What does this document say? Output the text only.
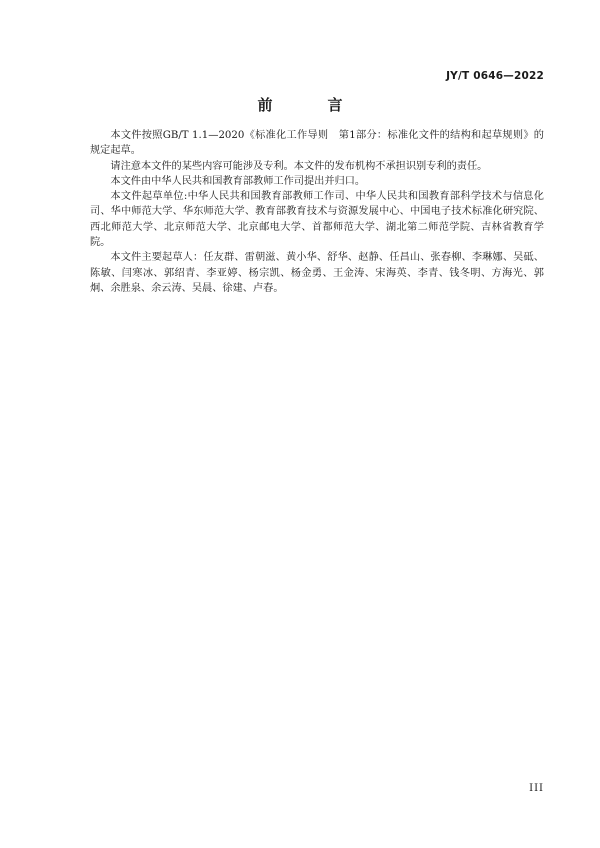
JY/T 0646—2022
前　言

本文件按照GB/T 1.1—2020《标准化工作导则　第1部分：标准化文件的结构和起草规则》的规定起草。

请注意本文件的某些内容可能涉及专利。本文件的发布机构不承担识别专利的责任。

本文件由中华人民共和国教育部教师工作司提出并归口。

本文件起草单位:中华人民共和国教育部教师工作司、中华人民共和国教育部科学技术与信息化司、华中师范大学、华东师范大学、教育部教育技术与资源发展中心、中国电子技术标准化研究院、西北师范大学、北京师范大学、北京邮电大学、首都师范大学、湖北第二师范学院、吉林省教育学院。

本文件主要起草人：任友群、雷朝滋、黄小华、舒华、赵静、任昌山、张春柳、李琳娜、吴砥、陈敏、闫寒冰、郭绍青、李亚婷、杨宗凯、杨金勇、王金涛、宋海英、李青、钱冬明、方海光、郭炯、余胜泉、余云涛、吴晨、徐建、卢春。

III
